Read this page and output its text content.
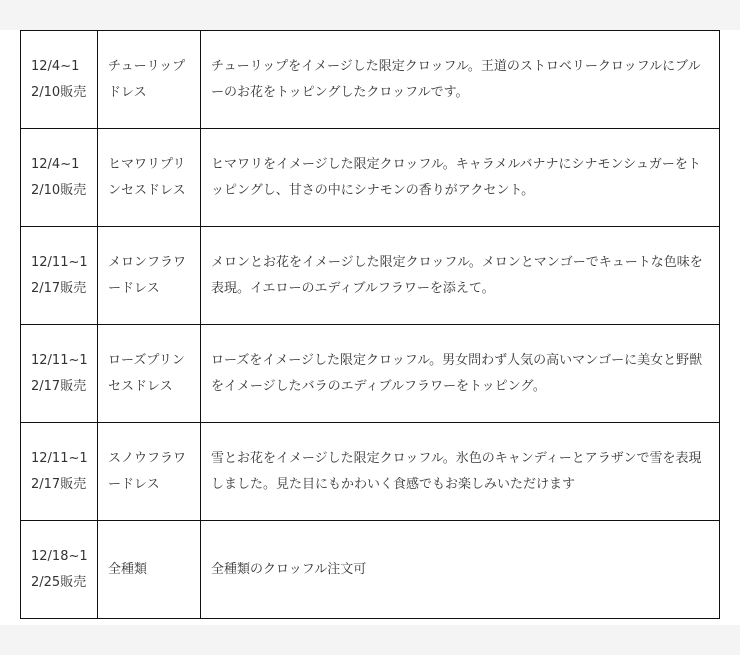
12/4~12/10販売	チューリップドレス	チューリップをイメージした限定クロッフル。王道のストロベリークロッフルにブルーのお花をトッピングしたクロッフルです。
12/4~12/10販売	ヒマワリプリンセスドレス	ヒマワリをイメージした限定クロッフル。キャラメルバナナにシナモンシュガーをトッピングし、甘さの中にシナモンの香りがアクセント。
12/11~12/17販売	メロンフラワードレス	メロンとお花をイメージした限定クロッフル。メロンとマンゴーでキュートな色味を表現。イエローのエディブルフラワーを添えて。
12/11~12/17販売	ローズプリンセスドレス	ローズをイメージした限定クロッフル。男女問わず人気の高いマンゴーに美女と野獣をイメージしたバラのエディブルフラワーをトッピング。
12/11~12/17販売	スノウフラワードレス	雪とお花をイメージした限定クロッフル。氷色のキャンディーとアラザンで雪を表現しました。見た目にもかわいく食感でもお楽しみいただけます
12/18~12/25販売	全種類	全種類のクロッフル注文可
